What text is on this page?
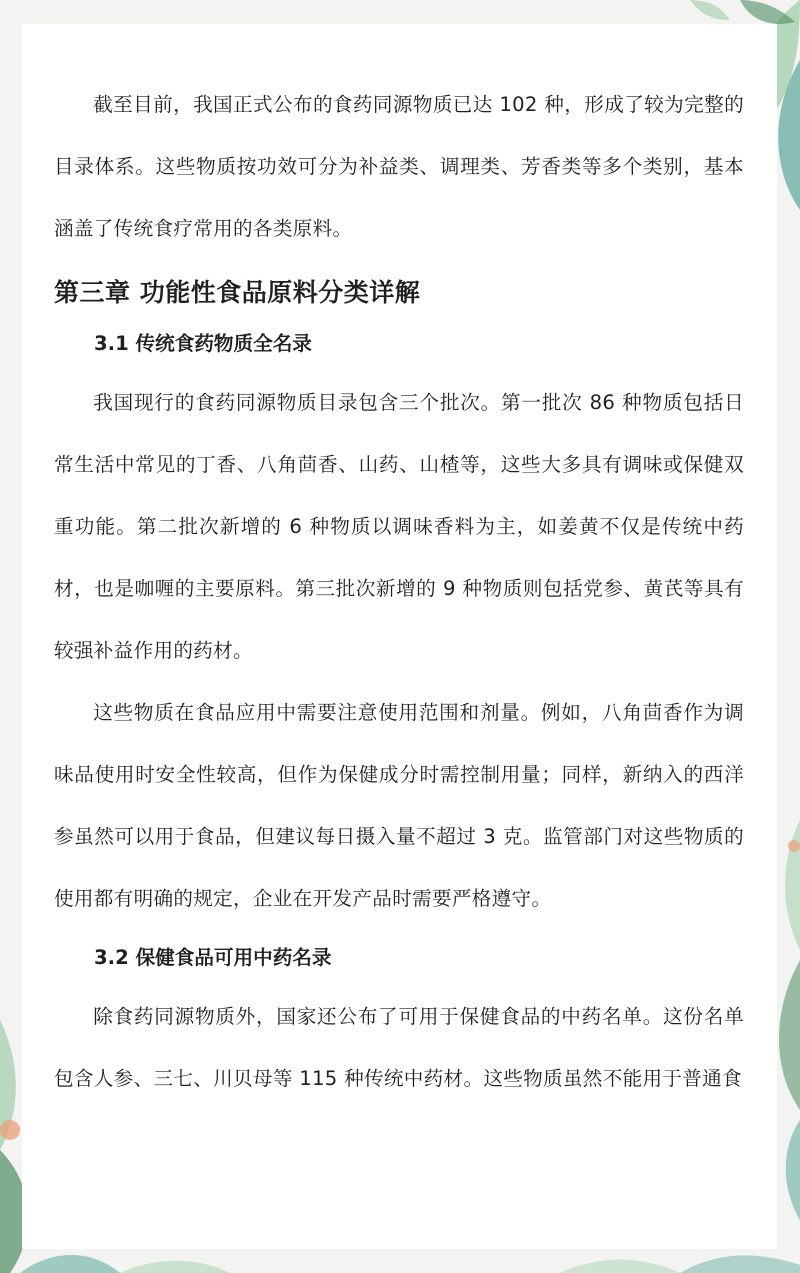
截至目前，我国正式公布的食药同源物质已达 102 种，形成了较为完整的目录体系。这些物质按功效可分为补益类、调理类、芳香类等多个类别，基本涵盖了传统食疗常用的各类原料。

第三章 功能性食品原料分类详解
3.1 传统食药物质全名录

我国现行的食药同源物质目录包含三个批次。第一批次 86 种物质包括日常生活中常见的丁香、八角茴香、山药、山楂等，这些大多具有调味或保健双重功能。第二批次新增的 6 种物质以调味香料为主，如姜黄不仅是传统中药材，也是咖喱的主要原料。第三批次新增的 9 种物质则包括党参、黄芪等具有较强补益作用的药材。

这些物质在食品应用中需要注意使用范围和剂量。例如，八角茴香作为调味品使用时安全性较高，但作为保健成分时需控制用量；同样，新纳入的西洋参虽然可以用于食品，但建议每日摄入量不超过 3 克。监管部门对这些物质的使用都有明确的规定，企业在开发产品时需要严格遵守。

3.2 保健食品可用中药名录

除食药同源物质外，国家还公布了可用于保健食品的中药名单。这份名单包含人参、三七、川贝母等 115 种传统中药材。这些物质虽然不能用于普通食
